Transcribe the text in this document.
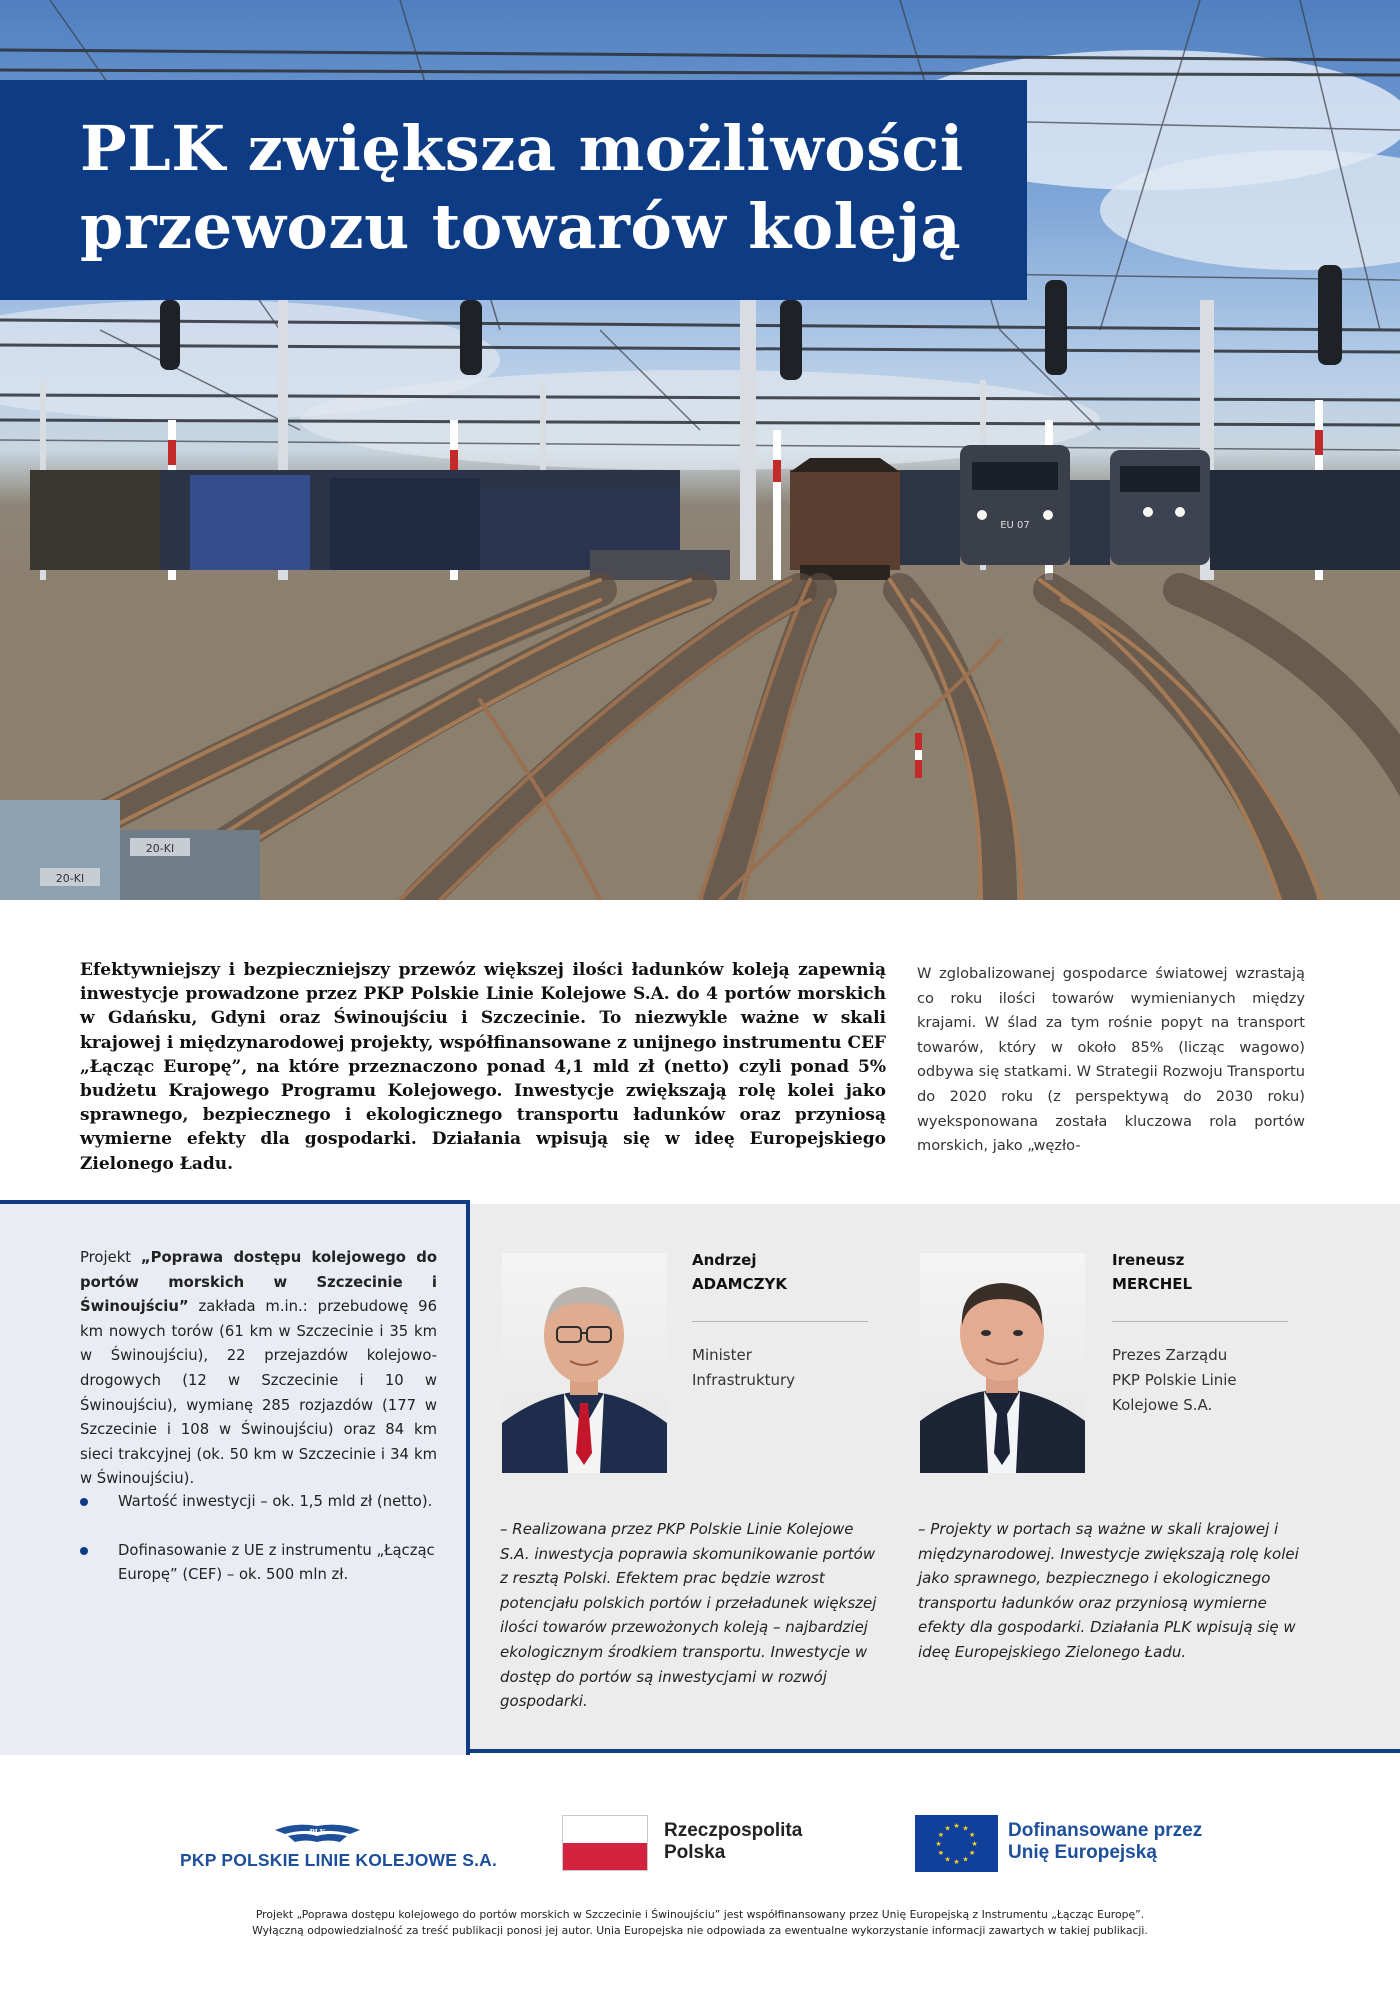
EU 07
20-KI
20-KI
PLK zwiększa możliwości
przewozu towarów koleją

Efektywniejszy i bezpieczniejszy przewóz większej ilości ładunków koleją zapewnią inwestycje prowadzone przez PKP Polskie Linie Kolejowe S.A. do 4 portów morskich w Gdańsku, Gdyni oraz Świnoujściu i Szczecinie. To niezwykle ważne w skali krajowej i międzynarodowej projekty, współfinansowane z unijnego instrumentu CEF „Łącząc Europę”, na które przeznaczono ponad 4,1 mld zł (netto) czyli ponad 5% budżetu Krajowego Programu Kolejowego. Inwestycje zwiększają rolę kolei jako sprawnego, bezpiecznego i ekologicznego transportu ładunków oraz przyniosą wymierne efekty dla gospodarki. Działania wpisują się w ideę Europejskiego Zielonego Ładu.

W zglobalizowanej gospodarce światowej wzrastają co roku ilości towarów wymienianych między krajami. W ślad za tym rośnie popyt na transport towarów, który w około 85% (licząc wagowo) odbywa się statkami. W Strategii Rozwoju Transportu do 2020 roku (z perspektywą do 2030 roku) wyeksponowana została kluczowa rola portów morskich, jako „węzło-

Projekt „Poprawa dostępu kolejowego do portów morskich w Szczecinie i Świnoujściu” zakłada m.in.: przebudowę 96 km nowych torów (61 km w Szczecinie i 35 km w Świnoujściu), 22 przejazdów kolejowo-drogowych (12 w Szczecinie i 10 w Świnoujściu), wymianę 285 rozjazdów (177 w Szczecinie i 108 w Świnoujściu) oraz 84 km sieci trakcyjnej (ok. 50 km w Szczecinie i 34 km w Świnoujściu).

Wartość inwestycji – ok. 1,5 mld zł (netto).
Dofinasowanie z UE z instrumentu „Łącząc Europę” (CEF) – ok. 500 mln zł.
Andrzej
ADAMCZYK
Minister
Infrastruktury

– Realizowana przez PKP Polskie Linie Kolejowe S.A. inwestycja poprawia skomunikowanie portów z resztą Polski. Efektem prac będzie wzrost potencjału polskich portów i przeładunek większej ilości towarów przewożonych koleją – najbardziej ekologicznym środkiem transportu. Inwestycje w dostęp do portów są inwestycjami w rozwój gospodarki.

Ireneusz
MERCHEL
Prezes Zarządu
PKP Polskie Linie
Kolejowe S.A.

– Projekty w portach są ważne w skali krajowej i międzynarodowej. Inwestycje zwiększają rolę kolei jako sprawnego, bezpiecznego i ekologicznego transportu ładunków oraz przyniosą wymierne efekty dla gospodarki. Działania PLK wpisują się w ideę Europejskiego Zielonego Ładu.

PLK
PKP POLSKIE LINIE KOLEJOWE S.A.
Rzeczpospolita
Polska
★ ★
★
★
★
★
★
★
★
★
★
★	Dofinansowane przez
Unię Europejską
Projekt „Poprawa dostępu kolejowego do portów morskich w Szczecinie i Świnoujściu” jest współfinansowany przez Unię Europejską z Instrumentu „Łącząc Europę”.
Wyłączną odpowiedzialność za treść publikacji ponosi jej autor. Unia Europejska nie odpowiada za ewentualne wykorzystanie informacji zawartych w takiej publikacji.
